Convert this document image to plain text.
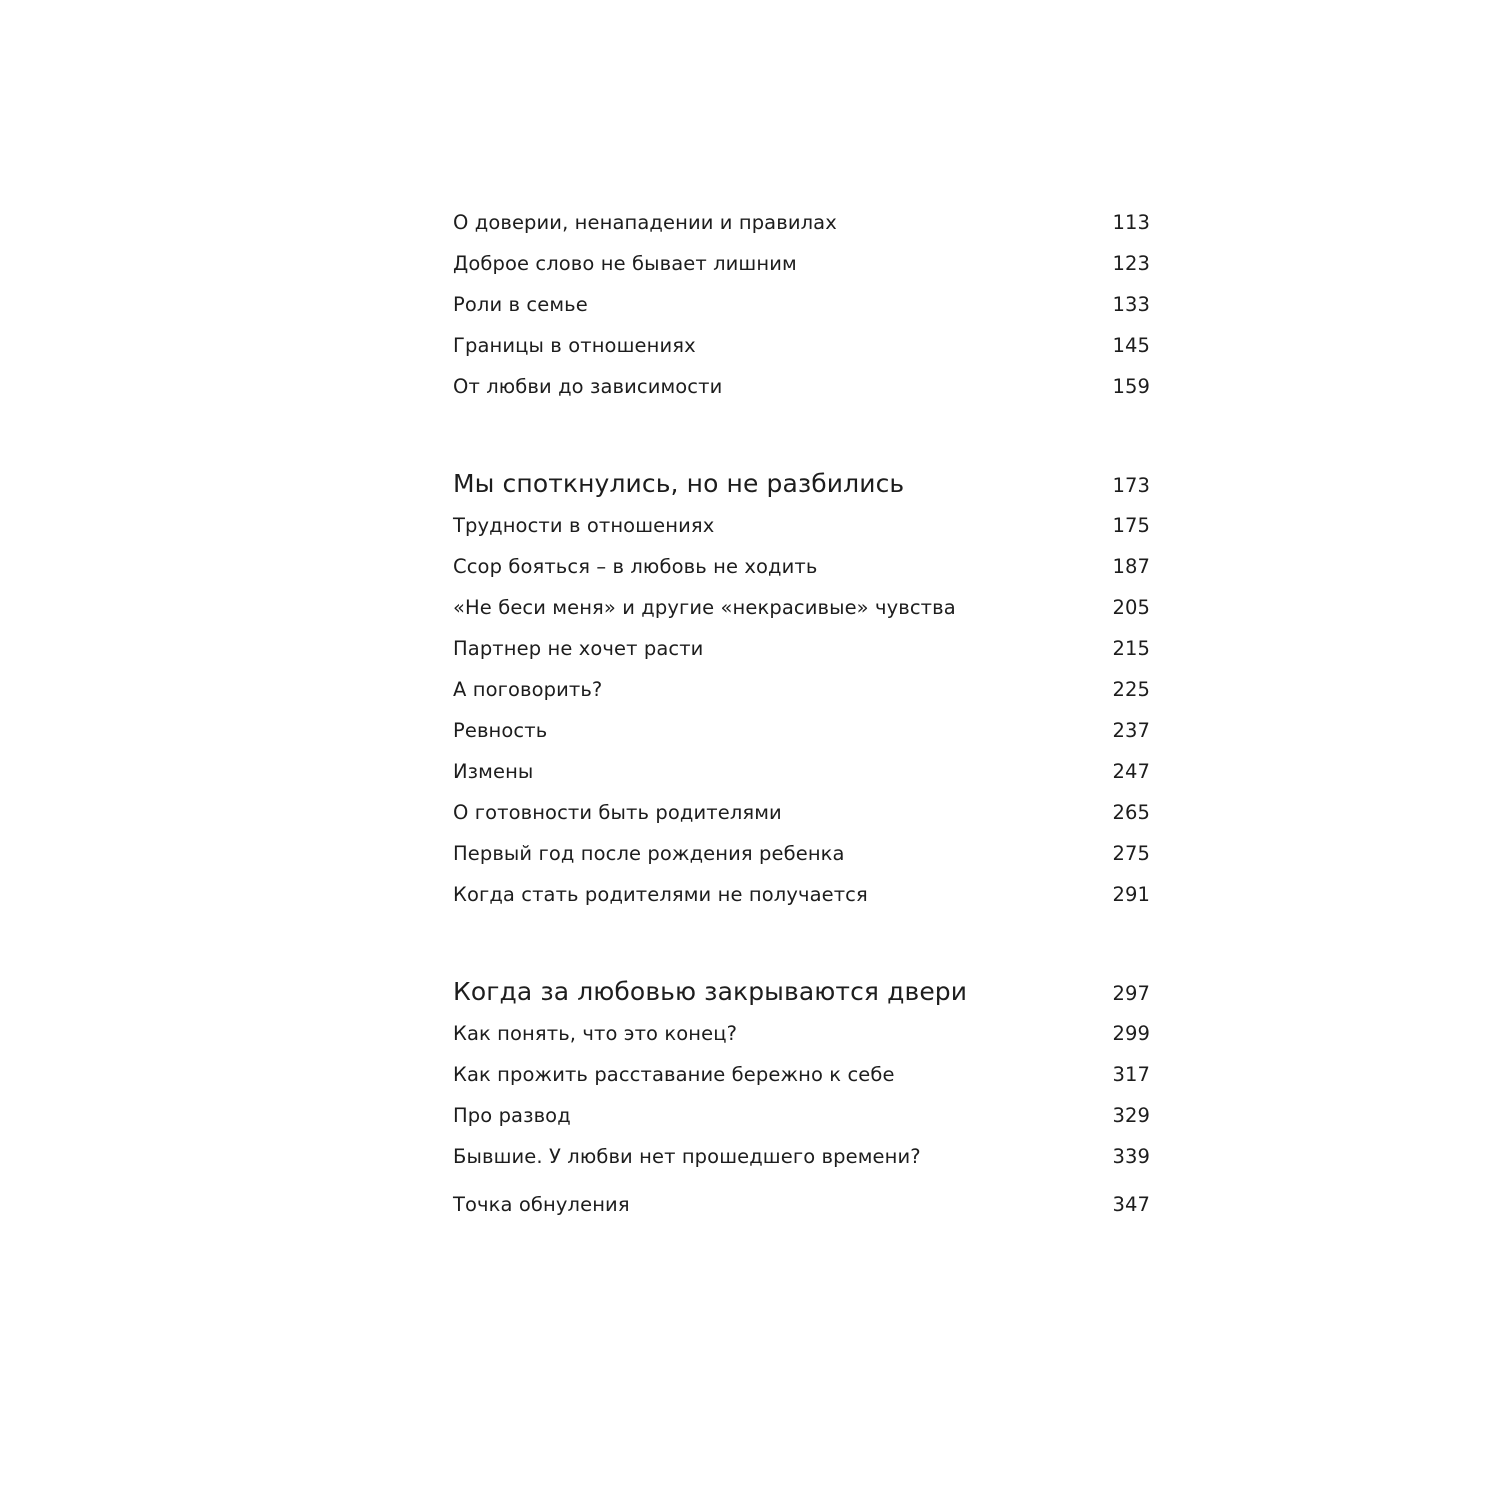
О доверии, ненападении и правилах	113
Доброе слово не бывает лишним	123
Роли в семье	133
Границы в отношениях	145
От любви до зависимости	159
Мы споткнулись, но не разбились	173
Трудности в отношениях	175
Ссор бояться – в любовь не ходить	187
«Не беси меня» и другие «некрасивые» чувства	205
Партнер не хочет расти	215
А поговорить?	225
Ревность	237
Измены	247
О готовности быть родителями	265
Первый год после рождения ребенка	275
Когда стать родителями не получается	291
Когда за любовью закрываются двери	297
Как понять, что это конец?	299
Как прожить расставание бережно к себе	317
Про развод	329
Бывшие. У любви нет прошедшего времени?	339
Точка обнуления	347
